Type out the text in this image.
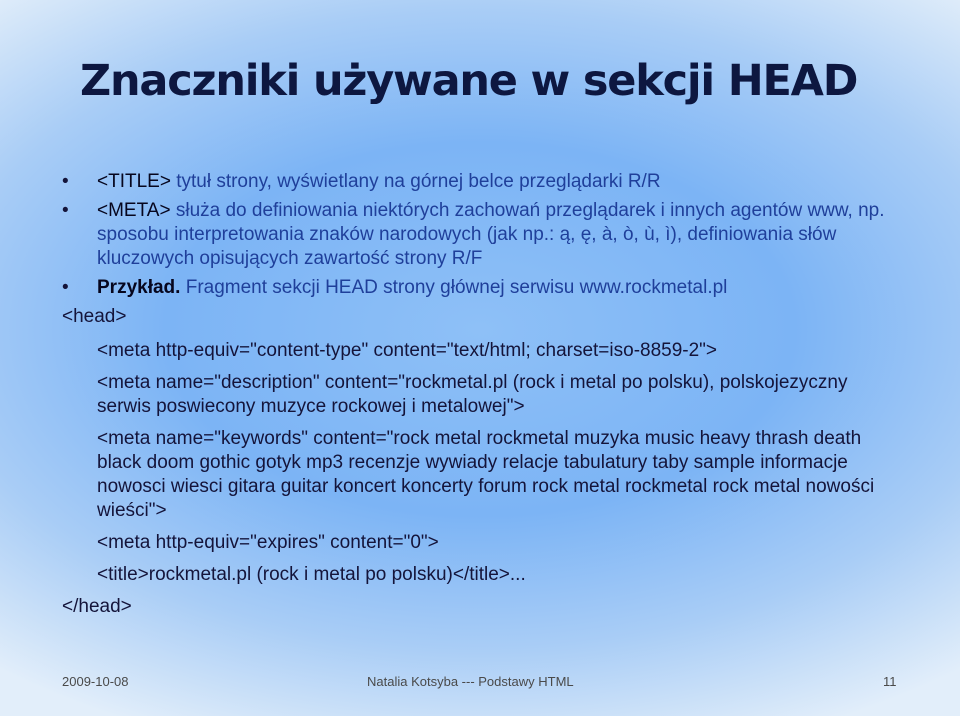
Znaczniki używane w sekcji HEAD
• <TITLE> tytuł strony, wyświetlany na górnej belce przeglądarki R/R
• <META> służa do definiowania niektórych zachowań przeglądarek i innych agentów www, np. sposobu interpretowania znaków narodowych (jak np.: ą, ę, à, ò, ù, ì), definiowania słów kluczowych opisujących zawartość strony R/F
• Przykład. Fragment sekcji HEAD strony głównej serwisu www.rockmetal.pl
<head>
<meta http-equiv="content-type" content="text/html; charset=iso-8859-2">
<meta name="description" content="rockmetal.pl (rock i metal po polsku), polskojezyczny serwis poswiecony muzyce rockowej i metalowej">
<meta name="keywords" content="rock metal rockmetal muzyka music heavy thrash death black doom gothic gotyk mp3 recenzje wywiady relacje tabulatury taby sample informacje nowosci wiesci gitara guitar koncert koncerty forum rock metal rockmetal rock metal nowości wieści">
<meta http-equiv="expires" content="0">
<title>rockmetal.pl (rock i metal po polsku)</title>...
</head>
2009-10-08	Natalia Kotsyba --- Podstawy HTML	11
